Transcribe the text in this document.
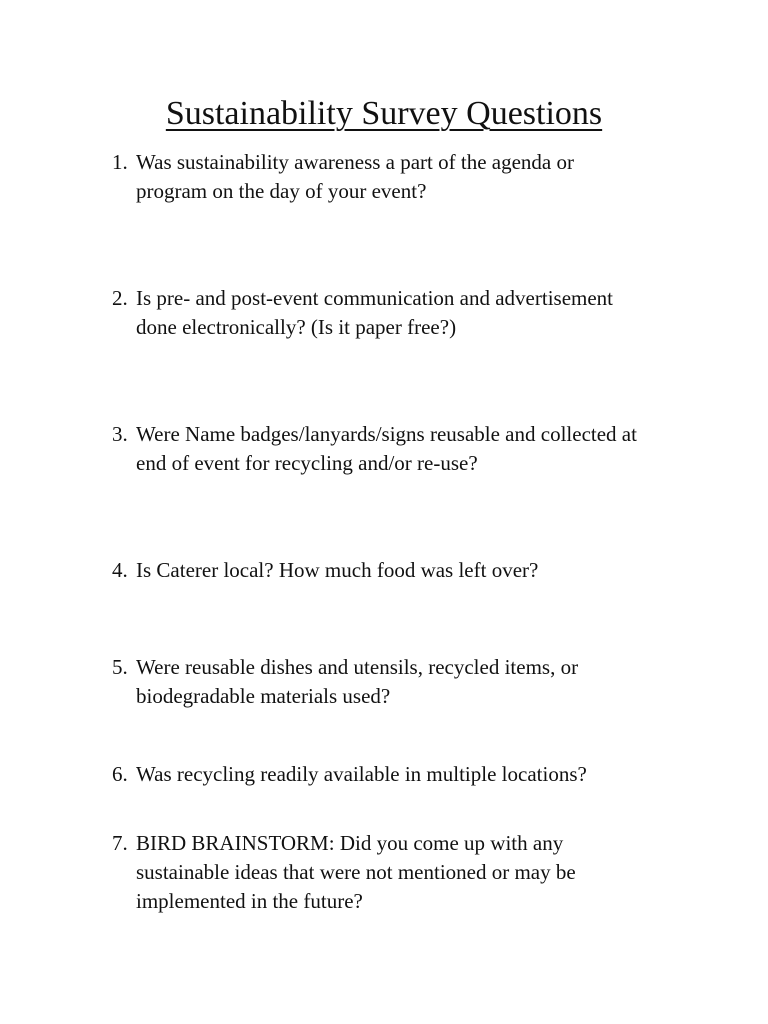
Sustainability Survey Questions
1. Was sustainability awareness a part of the agenda or
program on the day of your event?
2. Is pre- and post-event communication and advertisement
done electronically? (Is it paper free?)
3. Were Name badges/lanyards/signs reusable and collected at
end of event for recycling and/or re-use?
4. Is Caterer local? How much food was left over?
5. Were reusable dishes and utensils, recycled items, or
biodegradable materials used?
6. Was recycling readily available in multiple locations?
7. BIRD BRAINSTORM: Did you come up with any
sustainable ideas that were not mentioned or may be
implemented in the future?
